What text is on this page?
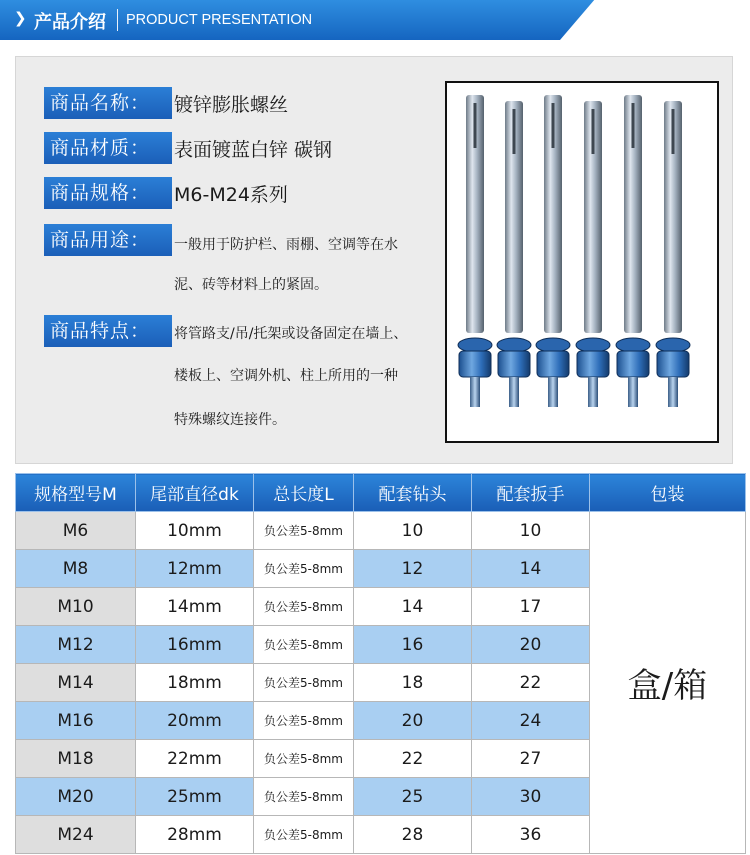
❯ 产品介绍 PRODUCT PRESENTATION
商品名称：	镀锌膨胀螺丝
商品材质：	表面镀蓝白锌 碳钢
商品规格：	M6-M24系列
商品用途：	一般用于防护栏、雨棚、空调等在水
泥、砖等材料上的紧固。
商品特点：	将管路支/吊/托架或设备固定在墙上、
楼板上、空调外机、柱上所用的一种
特殊螺纹连接件。
规格型号M	尾部直径dk	总长度L	配套钻头	配套扳手	包装
M6	10mm	负公差5-8mm	10	10	盒/箱
M8	12mm	负公差5-8mm	12	14	
M10	14mm	负公差5-8mm	14	17	
M12	16mm	负公差5-8mm	16	20	
M14	18mm	负公差5-8mm	18	22	
M16	20mm	负公差5-8mm	20	24	
M18	22mm	负公差5-8mm	22	27	
M20	25mm	负公差5-8mm	25	30	
M24	28mm	负公差5-8mm	28	36	
